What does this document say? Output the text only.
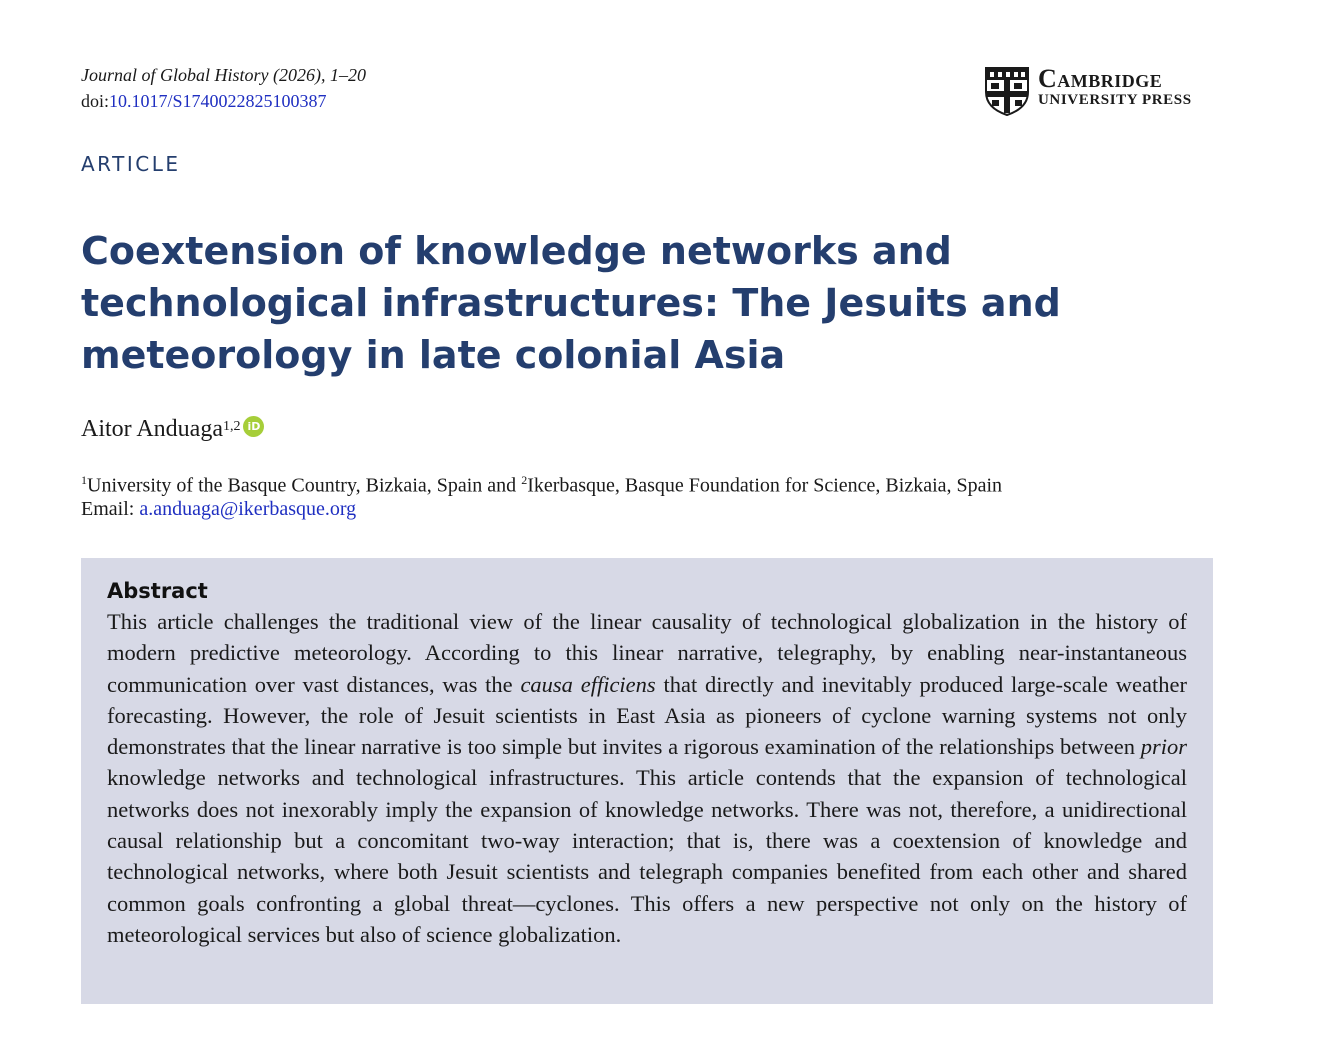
Journal of Global History (2026), 1–20
doi:10.1017/S1740022825100387
Cambridge
UNIVERSITY PRESS
ARTICLE
Coextension of knowledge networks and technological infrastructures: The Jesuits and meteorology in late colonial Asia
Aitor Anduaga$^{1,2}$ iD
$^1$University of the Basque Country, Bizkaia, Spain and $^2$Ikerbasque, Basque Foundation for Science, Bizkaia, Spain
Email: a.anduaga@ikerbasque.org
Abstract

This article challenges the traditional view of the linear causality of technological globalization in the history of modern predictive meteorology. According to this linear narrative, telegraphy, by enabling near-instantaneous communication over vast distances, was the causa efficiens that directly and inevitably produced large-scale weather forecasting. However, the role of Jesuit scientists in East Asia as pioneers of cyclone warning systems not only demonstrates that the linear narrative is too simple but invites a rigorous examination of the relationships between prior knowledge networks and technological infrastructures. This article contends that the expansion of technological networks does not inexorably imply the expansion of knowledge networks. There was not, therefore, a unidirectional causal relationship but a concomitant two-way interaction; that is, there was a coextension of knowledge and technological networks, where both Jesuit scientists and telegraph companies benefited from each other and shared common goals confronting a global threat—cyclones. This offers a new perspective not only on the history of meteorological services but also of science globalization.
